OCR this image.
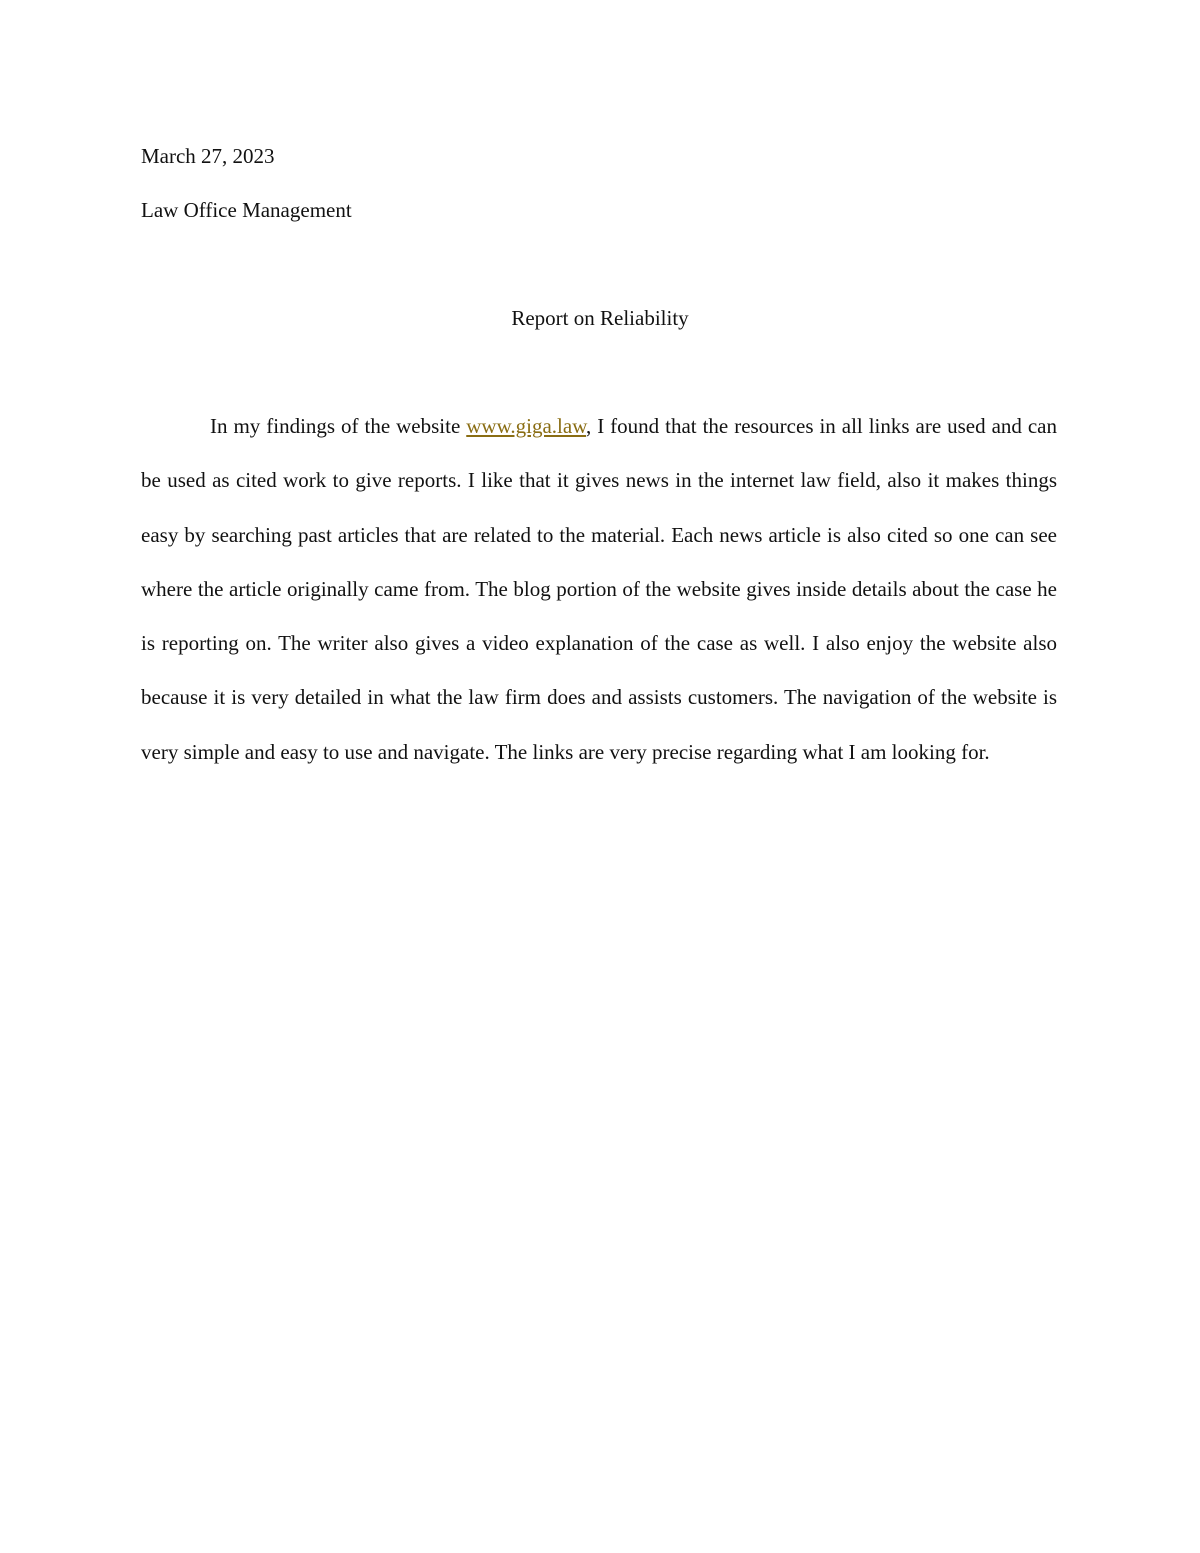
March 27, 2023
Law Office Management
Report on Reliability

In my findings of the website www.giga.law, I found that the resources in all links are used and can be used as cited work to give reports. I like that it gives news in the internet law field, also it makes things easy by searching past articles that are related to the material. Each news article is also cited so one can see where the article originally came from. The blog portion of the website gives inside details about the case he is reporting on. The writer also gives a video explanation of the case as well. I also enjoy the website also because it is very detailed in what the law firm does and assists customers. The navigation of the website is very simple and easy to use and navigate. The links are very precise regarding what I am looking for.
